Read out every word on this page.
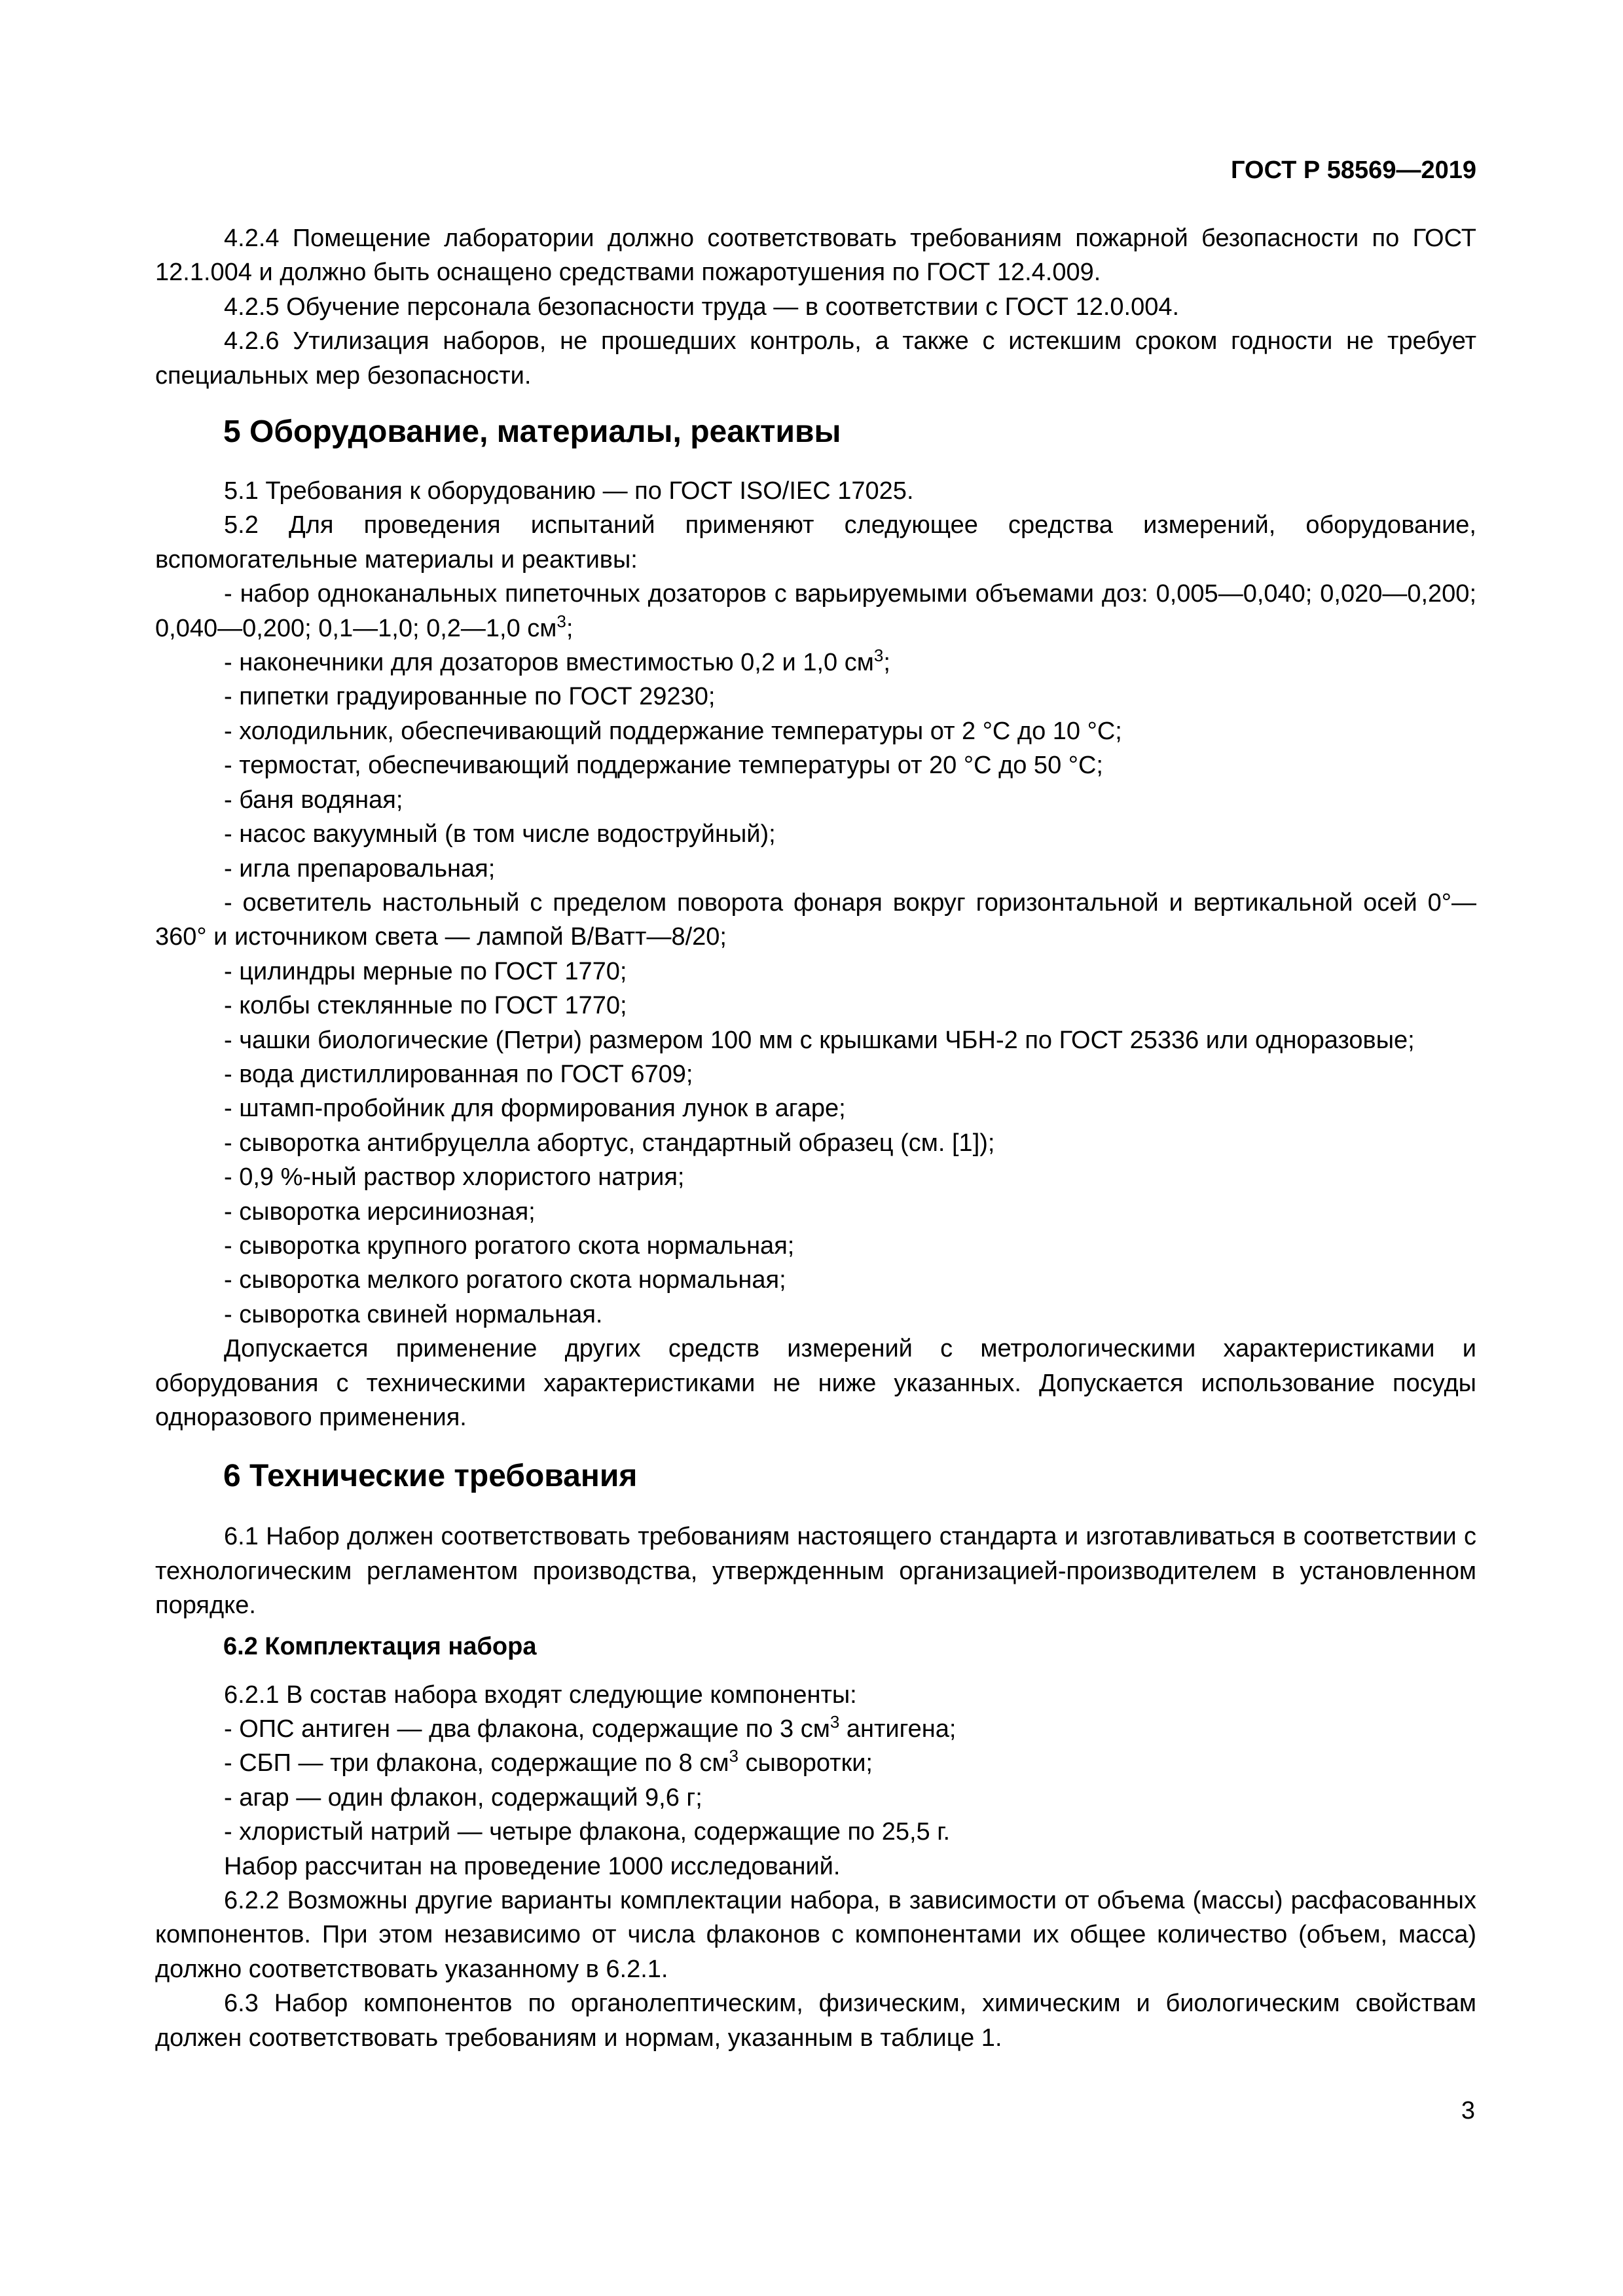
ГОСТ Р 58569—2019

4.2.4 Помещение лаборатории должно соответствовать требованиям пожарной безопасности по ГОСТ 12.1.004 и должно быть оснащено средствами пожаротушения по ГОСТ 12.4.009.

4.2.5 Обучение персонала безопасности труда — в соответствии с ГОСТ 12.0.004.

4.2.6 Утилизация наборов, не прошедших контроль, а также с истекшим сроком годности не требует специальных мер безопасности.

5 Оборудование, материалы, реактивы

5.1 Требования к оборудованию — по ГОСТ ISO/IEC 17025.

5.2 Для проведения испытаний применяют следующее средства измерений, оборудование, вспомогательные материалы и реактивы:

- набор одноканальных пипеточных дозаторов с варьируемыми объемами доз: 0,005—0,040; 0,020—0,200; 0,040—0,200; 0,1—1,0; 0,2—1,0 $см^3$;

- наконечники для дозаторов вместимостью 0,2 и 1,0 $см^3$;

- пипетки градуированные по ГОСТ 29230;

- холодильник, обеспечивающий поддержание температуры от 2 °С до 10 °С;

- термостат, обеспечивающий поддержание температуры от 20 °С до 50 °С;

- баня водяная;

- насос вакуумный (в том числе водоструйный);

- игла препаровальная;

- осветитель настольный с пределом поворота фонаря вокруг горизонтальной и вертикальной осей 0°—360° и источником света — лампой В/Ватт—8/20;

- цилиндры мерные по ГОСТ 1770;

- колбы стеклянные по ГОСТ 1770;

- чашки биологические (Петри) размером 100 мм с крышками ЧБН-2 по ГОСТ 25336 или одноразовые;

- вода дистиллированная по ГОСТ 6709;

- штамп-пробойник для формирования лунок в агаре;

- сыворотка антибруцелла абортус, стандартный образец (см. [1]);

- 0,9 %-ный раствор хлористого натрия;

- сыворотка иерсиниозная;

- сыворотка крупного рогатого скота нормальная;

- сыворотка мелкого рогатого скота нормальная;

- сыворотка свиней нормальная.

Допускается применение других средств измерений с метрологическими характеристиками и оборудования с техническими характеристиками не ниже указанных. Допускается использование посуды одноразового применения.

6 Технические требования

6.1 Набор должен соответствовать требованиям настоящего стандарта и изготавливаться в соответствии с технологическим регламентом производства, утвержденным организацией-производителем в установленном порядке.

6.2 Комплектация набора

6.2.1 В состав набора входят следующие компоненты:

- ОПС антиген — два флакона, содержащие по 3 $см^3$ антигена;

- СБП — три флакона, содержащие по 8 $см^3$ сыворотки;

- агар — один флакон, содержащий 9,6 г;

- хлористый натрий — четыре флакона, содержащие по 25,5 г.

Набор рассчитан на проведение 1000 исследований.

6.2.2 Возможны другие варианты комплектации набора, в зависимости от объема (массы) расфасованных компонентов. При этом независимо от числа флаконов с компонентами их общее количество (объем, масса) должно соответствовать указанному в 6.2.1.

6.3 Набор компонентов по органолептическим, физическим, химическим и биологическим свойствам должен соответствовать требованиям и нормам, указанным в таблице 1.

3
